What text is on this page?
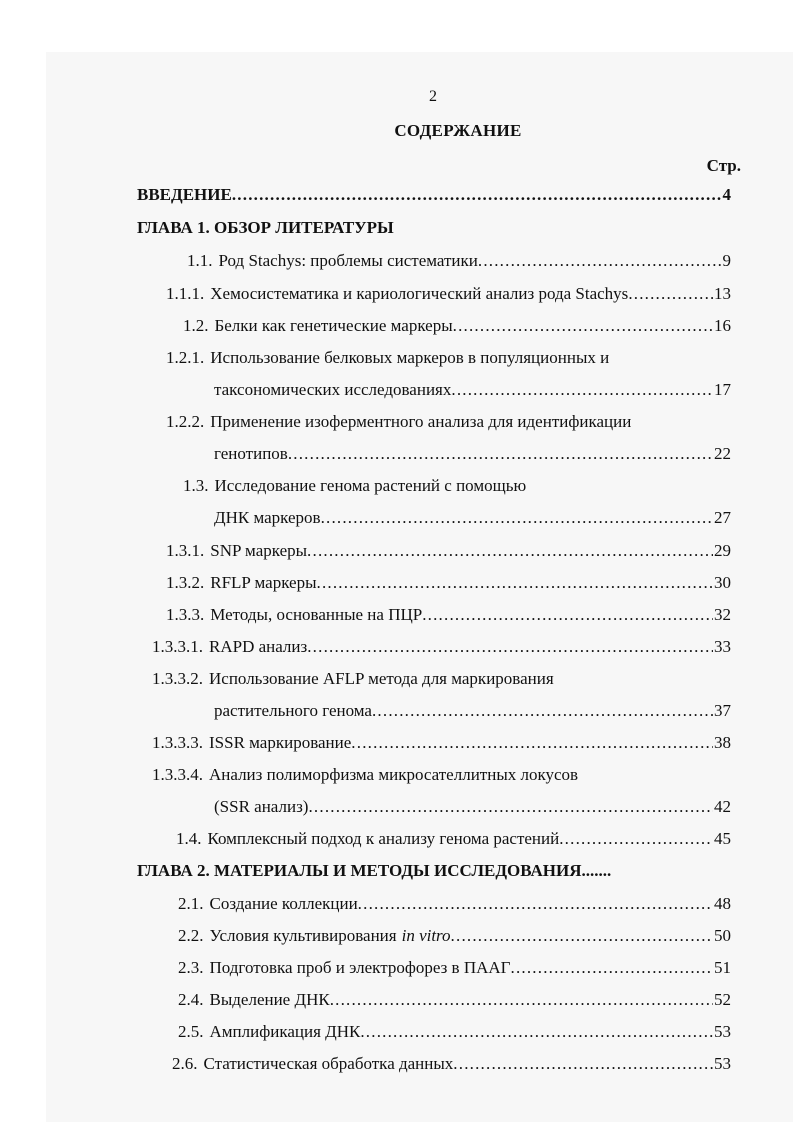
2
СОДЕРЖАНИЕ
Стр.
ВВЕДЕНИЕ .....	4
ГЛАВА 1. ОБЗОР ЛИТЕРАТУРЫ
1.1. Род Stachys: проблемы систематики .....	9
1.1.1. Хемосистематика и кариологический анализ рода Stachys .....	13
1.2. Белки как генетические маркеры .....	16
1.2.1. Использование белковых маркеров в популяционных и
таксономических исследованиях .....	17
1.2.2. Применение изоферментного анализа для идентификации
генотипов .....	22
1.3. Исследование генома растений с помощью
ДНК маркеров .....	27
1.3.1. SNP маркеры .....	29
1.3.2. RFLP маркеры .....	30
1.3.3. Методы, основанные на ПЦР .....	32
1.3.3.1. RAPD анализ .....	33
1.3.3.2. Использование AFLP метода для маркирования
растительного генома .....	37
1.3.3.3. ISSR маркирование .....	38
1.3.3.4. Анализ полиморфизма микросателлитных локусов
(SSR анализ) .....	42
1.4. Комплексный подход к анализу генома растений .....	45
ГЛАВА 2. МАТЕРИАЛЫ И МЕТОДЫ ИССЛЕДОВАНИЯ.......
2.1. Создание коллекции .....	48
2.2. Условия культивирования in vitro .....	50
2.3. Подготовка проб и электрофорез в ПААГ .....	51
2.4. Выделение ДНК .....	52
2.5. Амплификация ДНК .....	53
2.6. Статистическая обработка данных .....	53
